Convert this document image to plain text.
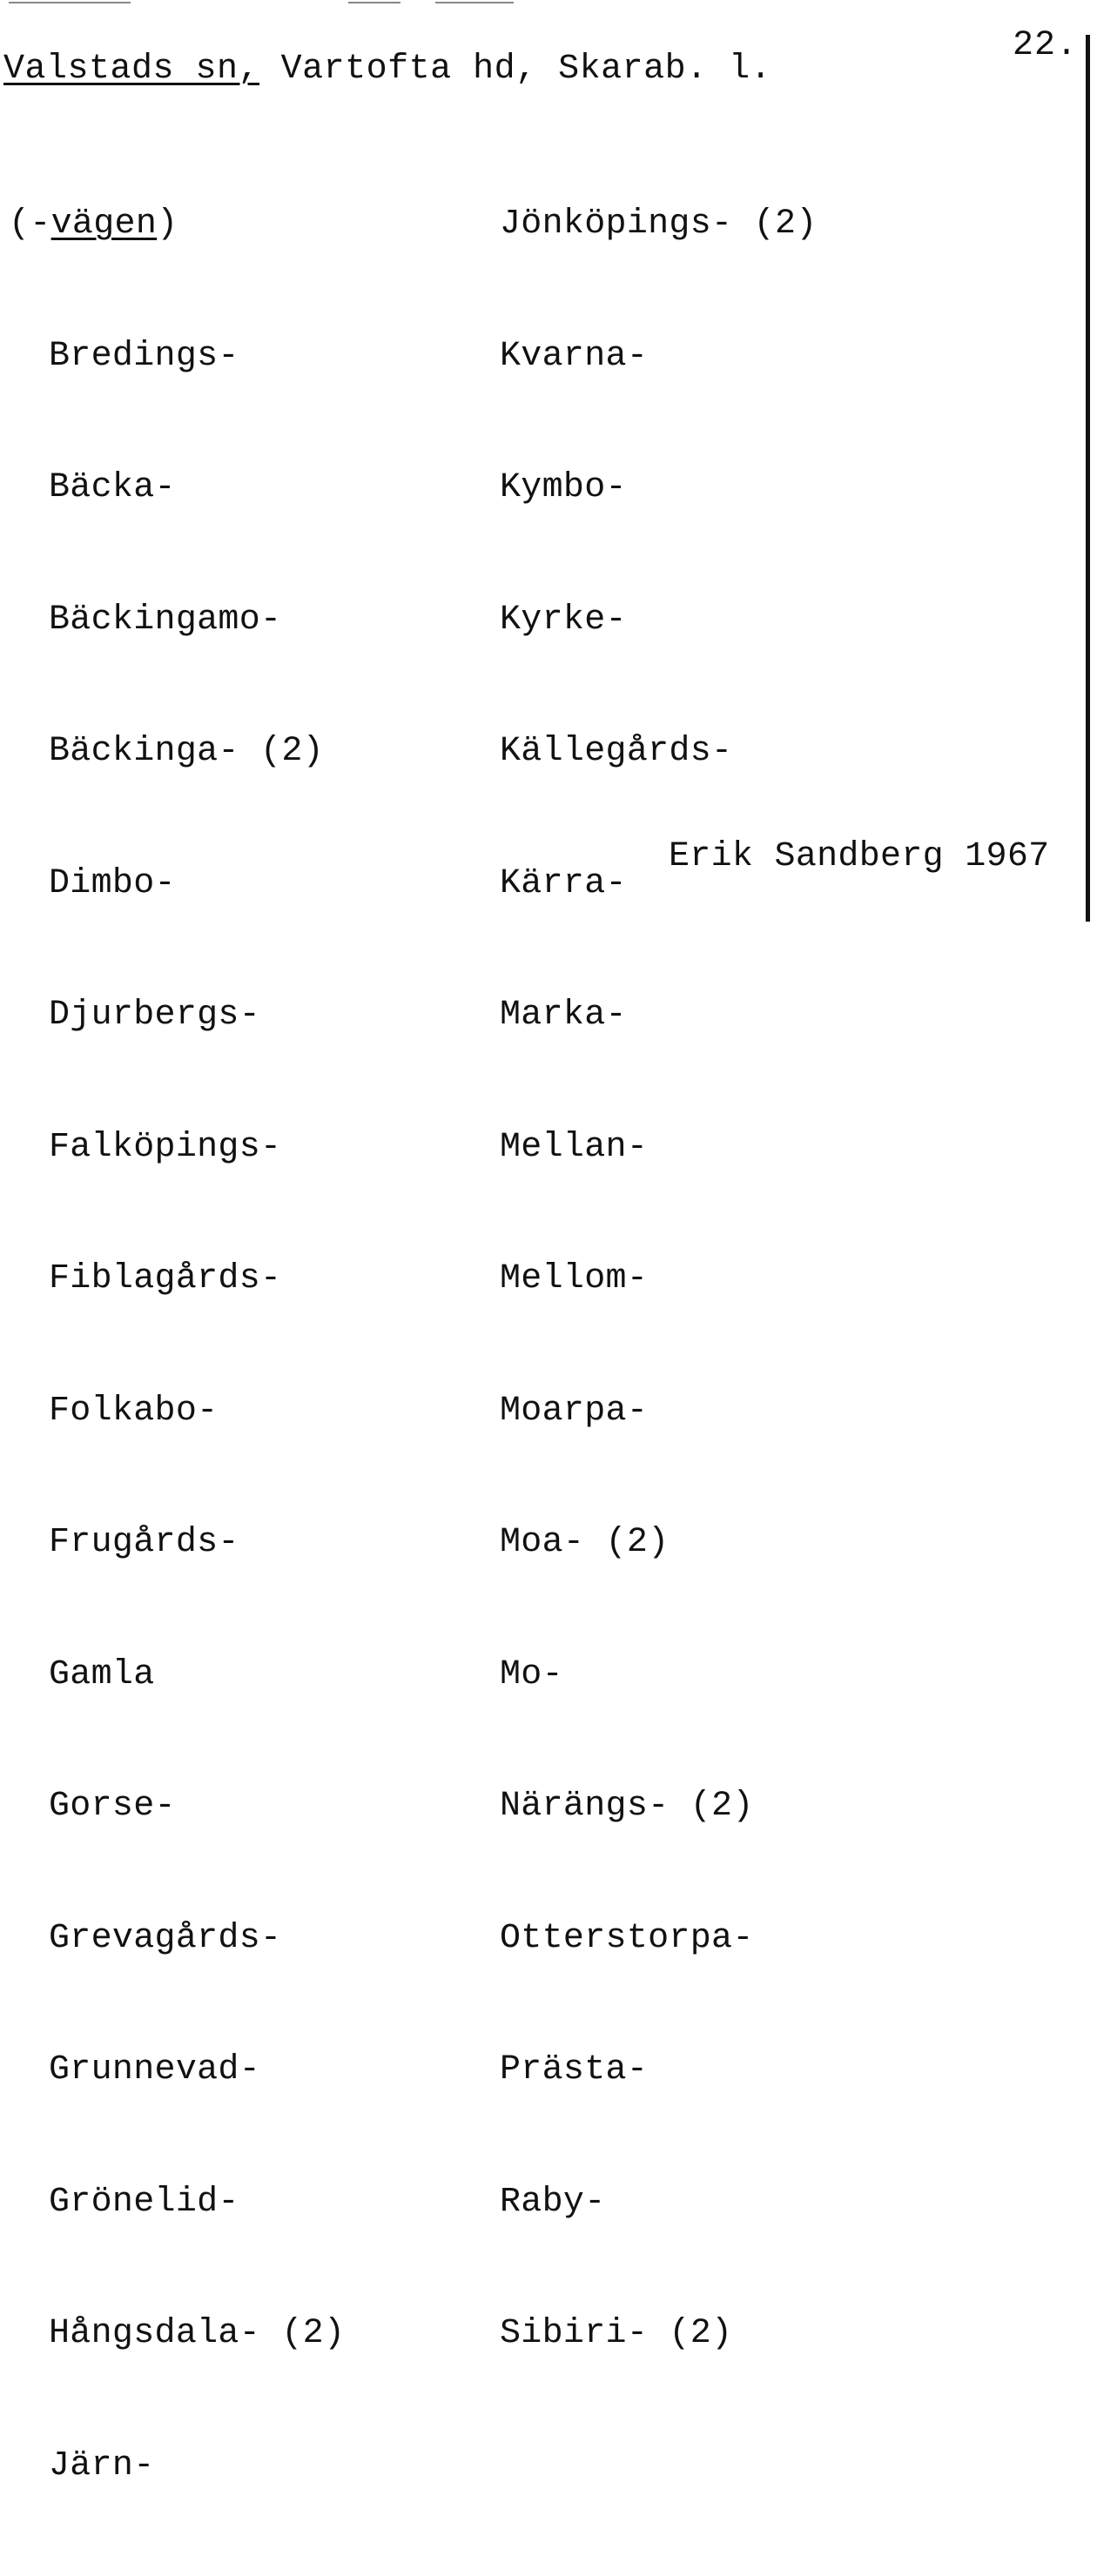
22.
Valstads sn, Vartofta hd, Skarab. l.

(-vägen)

Bredings-

Bäcka-

Bäckingamo-

Bäckinga- (2)

Dimbo-

Djurbergs-

Falköpings-

Fiblagårds-

Folkabo-

Frugårds-

Gamla

Gorse-

Grevagårds-

Grunnevad-

Grönelid-

Hångsdala- (2)

Järn-

Jönköpings- (2)

Kvarna-

Kymbo-

Kyrke-

Källegårds-

Kärra-

Marka-

Mellan-

Mellom-

Moarpa-

Moa- (2)

Mo-

Närängs- (2)

Otterstorpa-

Prästa-

Raby-

Sibiri- (2)

Erik Sandberg 1967
